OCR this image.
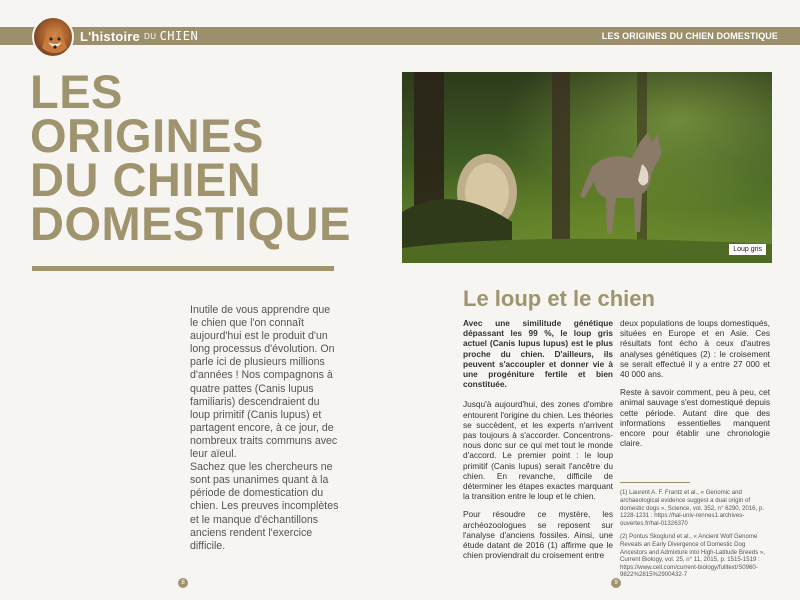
L'histoire DU CHIEN	LES ORIGINES DU CHIEN DOMESTIQUE
LES
ORIGINES
DU CHIEN
DOMESTIQUE

Inutile de vous apprendre que le chien que l'on connaît aujourd'hui est le produit d'un long processus d'évolution. On parle ici de plusieurs millions d'années ! Nos compagnons à quatre pattes (Canis lupus familiaris) descendraient du loup primitif (Canis lupus) et partagent encore, à ce jour, de nombreux traits communs avec leur aïeul.

Sachez que les chercheurs ne sont pas unanimes quant à la période de domestication du chien. Les preuves incomplètes et le manque d'échantillons anciens rendent l'exercice difficile.

8
Loup gris
Le loup et le chien

Avec une similitude génétique dépassant les 99 %, le loup gris actuel (Canis lupus lupus) est le plus proche du chien. D'ailleurs, ils peuvent s'accoupler et donner vie à une progéniture fertile et bien constituée.

Jusqu'à aujourd'hui, des zones d'ombre entourent l'origine du chien. Les théories se succèdent, et les experts n'arrivent pas toujours à s'accorder. Concentrons-nous donc sur ce qui met tout le monde d'accord. Le premier point : le loup primitif (Canis lupus) serait l'ancêtre du chien. En revanche, difficile de déterminer les étapes exactes marquant la transition entre le loup et le chien.

Pour résoudre ce mystère, les archéozoologues se reposent sur l'analyse d'anciens fossiles. Ainsi, une étude datant de 2016 (1) affirme que le chien proviendrait du croisement entre

deux populations de loups domestiqués, situées en Europe et en Asie. Ces résultats font écho à ceux d'autres analyses génétiques (2) : le croisement se serait effectué il y a entre 27 000 et 40 000 ans.

Reste à savoir comment, peu à peu, cet animal sauvage s'est domestiqué depuis cette période. Autant dire que des informations essentielles manquent encore pour établir une chronologie claire.

(1) Laurent A. F. Frantz et al., « Genomic and archaeological evidence suggest a dual origin of domestic dogs », Science, vol. 352, n° 6290, 2016, p. 1228-1231 : https://hal-univ-rennes1.archives-ouvertes.fr/hal-01326370

(2) Pontus Skoglund et al., « Ancient Wolf Genome Reveals an Early Divergence of Domestic Dog Ancestors and Admixture into High-Latitude Breeds », Current Biology, vol. 25, n° 11, 2015, p. 1515-1519 : https://www.cell.com/current-biology/fulltext/S0960-9822%2815%2900432-7

9
